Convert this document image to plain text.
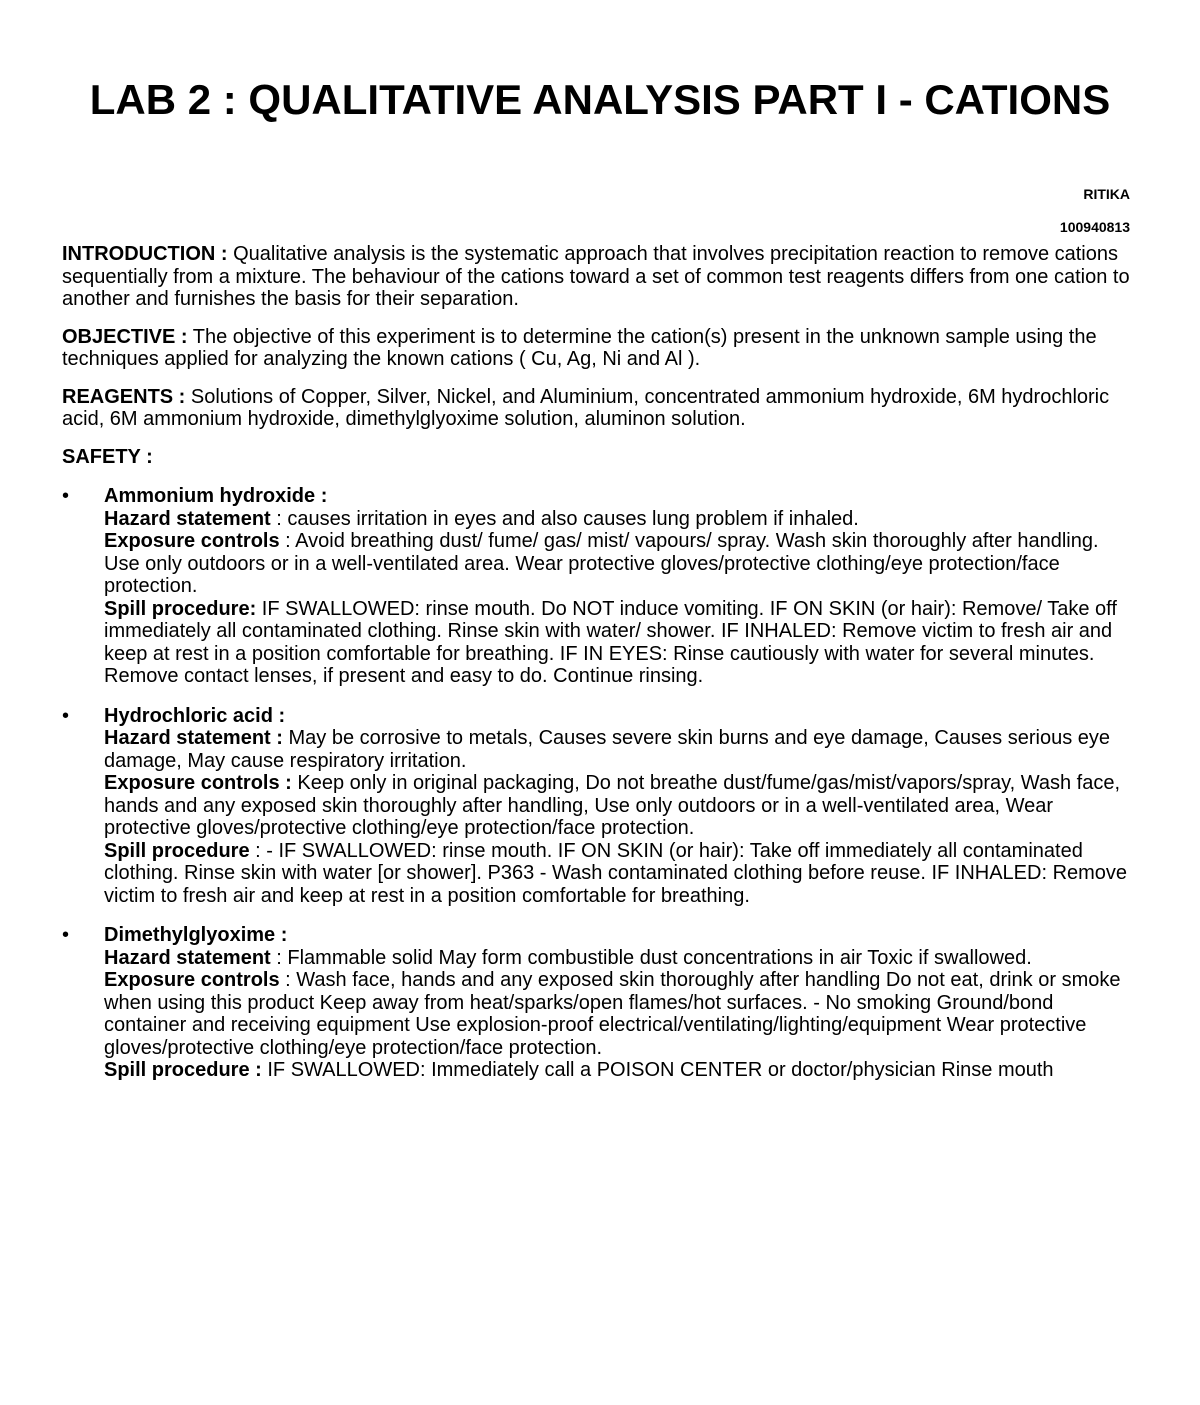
LAB 2 : QUALITATIVE ANALYSIS PART I - CATIONS
RITIKA
100940813

INTRODUCTION : Qualitative analysis is the systematic approach that involves precipitation reaction to remove cations sequentially from a mixture. The behaviour of the cations toward a set of common test reagents differs from one cation to another and furnishes the basis for their separation.

OBJECTIVE : The objective of this experiment is to determine the cation(s) present in the unknown sample using the techniques applied for analyzing the known cations ( Cu, Ag, Ni and Al ).

REAGENTS : Solutions of Copper, Silver, Nickel, and Aluminium, concentrated ammonium hydroxide, 6M hydrochloric acid, 6M ammonium hydroxide, dimethylglyoxime solution, aluminon solution.

SAFETY :
•	Ammonium hydroxide :
Hazard statement : causes irritation in eyes and also causes lung problem if inhaled.
Exposure controls : Avoid breathing dust/ fume/ gas/ mist/ vapours/ spray. Wash skin thoroughly after handling. Use only outdoors or in a well-ventilated area. Wear protective gloves/protective clothing/eye protection/face protection.
Spill procedure: IF SWALLOWED: rinse mouth. Do NOT induce vomiting. IF ON SKIN (or hair): Remove/ Take off immediately all contaminated clothing. Rinse skin with water/ shower. IF INHALED: Remove victim to fresh air and keep at rest in a position comfortable for breathing. IF IN EYES: Rinse cautiously with water for several minutes. Remove contact lenses, if present and easy to do. Continue rinsing.
•	Hydrochloric acid :
Hazard statement : May be corrosive to metals, Causes severe skin burns and eye damage, Causes serious eye damage, May cause respiratory irritation.
Exposure controls : Keep only in original packaging, Do not breathe dust/fume/gas/mist/vapors/spray, Wash face, hands and any exposed skin thoroughly after handling, Use only outdoors or in a well-ventilated area, Wear protective gloves/protective clothing/eye protection/face protection.
Spill procedure : - IF SWALLOWED: rinse mouth. IF ON SKIN (or hair): Take off immediately all contaminated clothing. Rinse skin with water [or shower]. P363 - Wash contaminated clothing before reuse. IF INHALED: Remove victim to fresh air and keep at rest in a position comfortable for breathing.
•	Dimethylglyoxime :
Hazard statement : Flammable solid May form combustible dust concentrations in air Toxic if swallowed.
Exposure controls : Wash face, hands and any exposed skin thoroughly after handling Do not eat, drink or smoke when using this product Keep away from heat/sparks/open flames/hot surfaces. - No smoking Ground/bond container and receiving equipment Use explosion-proof electrical/ventilating/lighting/equipment Wear protective gloves/protective clothing/eye protection/face protection.
Spill procedure : IF SWALLOWED: Immediately call a POISON CENTER or doctor/physician Rinse mouth
